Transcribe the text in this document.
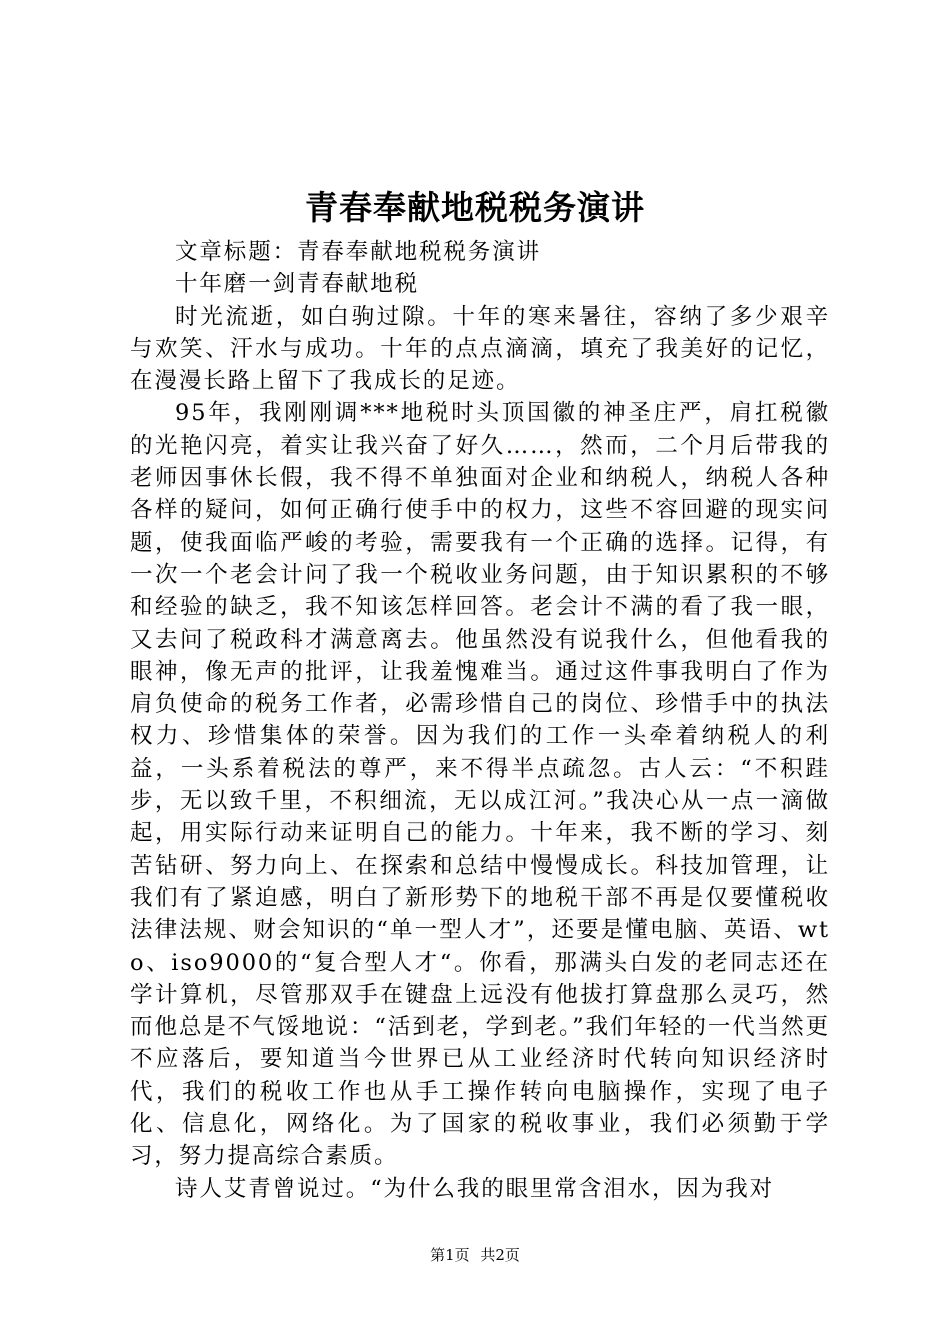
青春奉献地税税务演讲

文章标题：青春奉献地税税务演讲

十年磨一剑青春献地税

时光流逝，如白驹过隙。十年的寒来暑往，容纳了多少艰辛与欢笑、汗水与成功。十年的点点滴滴，填充了我美好的记忆，在漫漫长路上留下了我成长的足迹。

95年，我刚刚调***地税时头顶国徽的神圣庄严，肩扛税徽的光艳闪亮，着实让我兴奋了好久……，然而，二个月后带我的老师因事休长假，我不得不单独面对企业和纳税人，纳税人各种各样的疑问，如何正确行使手中的权力，这些不容回避的现实问题，使我面临严峻的考验，需要我有一个正确的选择。记得，有一次一个老会计问了我一个税收业务问题，由于知识累积的不够和经验的缺乏，我不知该怎样回答。老会计不满的看了我一眼，又去问了税政科才满意离去。他虽然没有说我什么，但他看我的眼神，像无声的批评，让我羞愧难当。通过这件事我明白了作为肩负使命的税务工作者，必需珍惜自己的岗位、珍惜手中的执法权力、珍惜集体的荣誉。因为我们的工作一头牵着纳税人的利益，一头系着税法的尊严，来不得半点疏忽。古人云：“不积跬步，无以致千里，不积细流，无以成江河。”我决心从一点一滴做起，用实际行动来证明自己的能力。十年来，我不断的学习、刻苦钻研、努力向上、在探索和总结中慢慢成长。科技加管理，让我们有了紧迫感，明白了新形势下的地税干部不再是仅要懂税收法律法规、财会知识的“单一型人才”，还要是懂电脑、英语、wto、iso9000的“复合型人才“。你看，那满头白发的老同志还在学计算机，尽管那双手在键盘上远没有他拔打算盘那么灵巧，然而他总是不气馁地说：“活到老，学到老。”我们年轻的一代当然更不应落后，要知道当今世界已从工业经济时代转向知识经济时代，我们的税收工作也从手工操作转向电脑操作，实现了电子化、信息化，网络化。为了国家的税收事业，我们必须勤于学习，努力提高综合素质。

诗人艾青曾说过。“为什么我的眼里常含泪水，因为我对

第1页 共2页
